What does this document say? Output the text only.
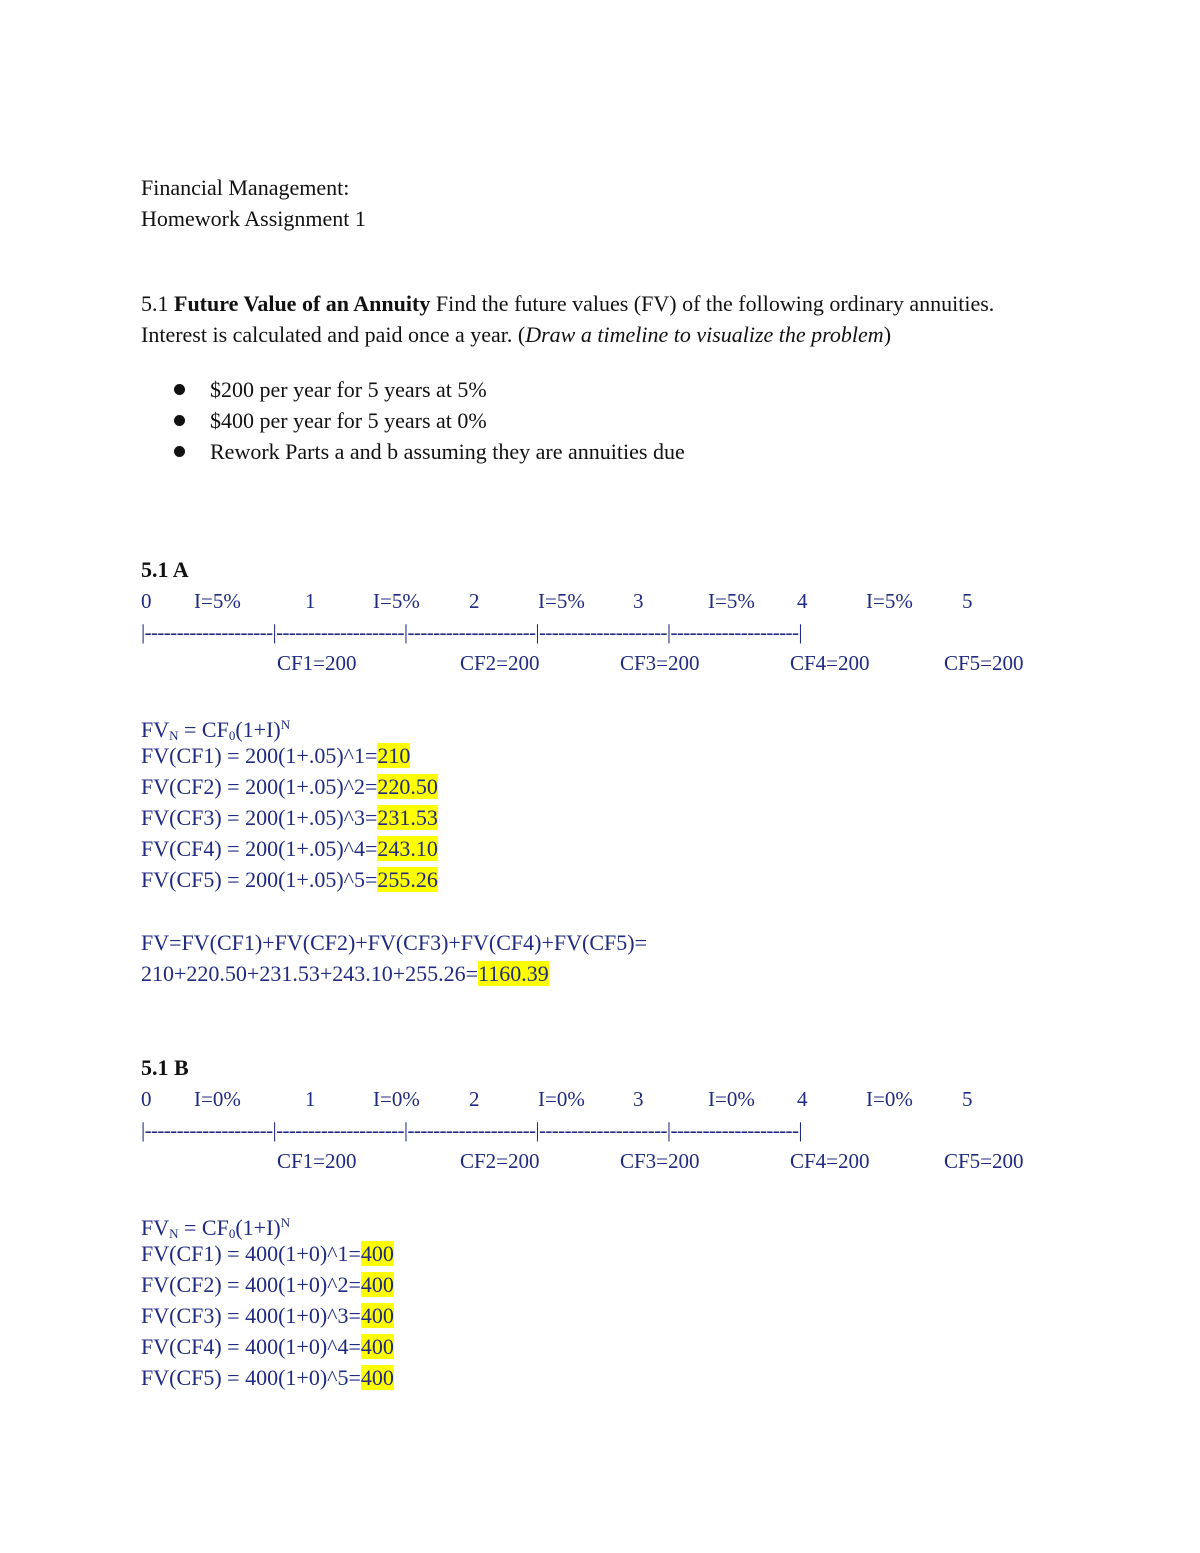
Financial Management:
Homework Assignment 1
5.1 Future Value of an Annuity Find the future values (FV) of the following ordinary annuities.
Interest is calculated and paid once a year. (Draw a timeline to visualize the problem)
$200 per year for 5 years at 5%
$400 per year for 5 years at 0%
Rework Parts a and b assuming they are annuities due
5.1 A
0 I=5%	1	I=5% 2	I=5% 3	I=5% 4	I=5% 5
|--------------------|--------------------|--------------------|--------------------|--------------------|
CF1=200	CF2=200	CF3=200	CF4=200	CF5=200
$FV_N = CF_0(1+I)^N$
FV(CF1) = 200(1+.05)^1=210
FV(CF2) = 200(1+.05)^2=220.50
FV(CF3) = 200(1+.05)^3=231.53
FV(CF4) = 200(1+.05)^4=243.10
FV(CF5) = 200(1+.05)^5=255.26
FV=FV(CF1)+FV(CF2)+FV(CF3)+FV(CF4)+FV(CF5)=
210+220.50+231.53+243.10+255.26=1160.39
5.1 B
0 I=0%	1	I=0% 2	I=0% 3	I=0% 4	I=0% 5
|--------------------|--------------------|--------------------|--------------------|--------------------|
CF1=200	CF2=200	CF3=200	CF4=200	CF5=200
$FV_N = CF_0(1+I)^N$
FV(CF1) = 400(1+0)^1=400
FV(CF2) = 400(1+0)^2=400
FV(CF3) = 400(1+0)^3=400
FV(CF4) = 400(1+0)^4=400
FV(CF5) = 400(1+0)^5=400
